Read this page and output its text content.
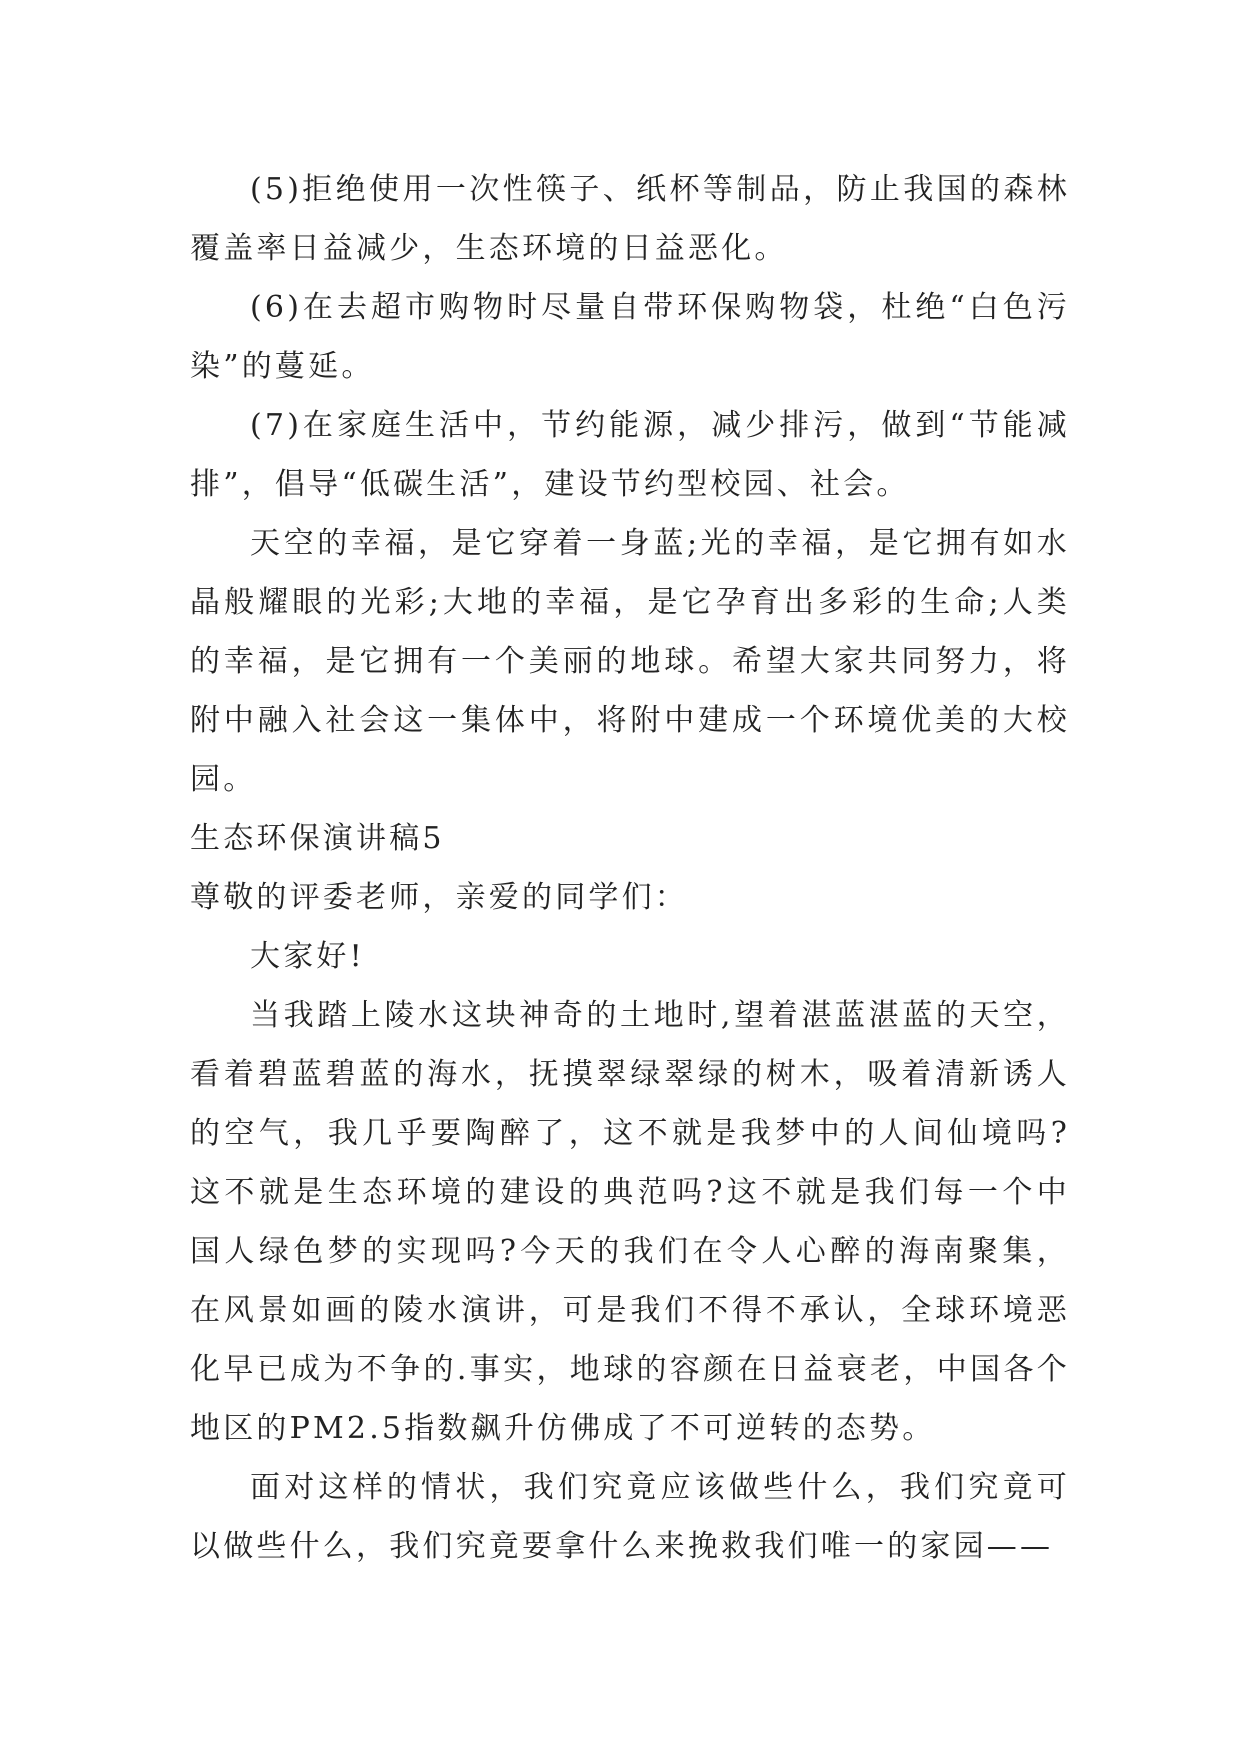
(5)拒绝使用一次性筷子、纸杯等制品，防止我国的森林覆盖率日益减少，生态环境的日益恶化。

(6)在去超市购物时尽量自带环保购物袋，杜绝“白色污染”的蔓延。

(7)在家庭生活中，节约能源，减少排污，做到“节能减排”，倡导“低碳生活”，建设节约型校园、社会。

天空的幸福，是它穿着一身蓝;光的幸福，是它拥有如水晶般耀眼的光彩;大地的幸福，是它孕育出多彩的生命;人类的幸福，是它拥有一个美丽的地球。希望大家共同努力，将附中融入社会这一集体中，将附中建成一个环境优美的大校园。

生态环保演讲稿5

尊敬的评委老师，亲爱的同学们：

大家好!

当我踏上陵水这块神奇的土地时,望着湛蓝湛蓝的天空，看着碧蓝碧蓝的海水，抚摸翠绿翠绿的树木，吸着清新诱人的空气，我几乎要陶醉了，这不就是我梦中的人间仙境吗?这不就是生态环境的建设的典范吗?这不就是我们每一个中国人绿色梦的实现吗?今天的我们在令人心醉的海南聚集，在风景如画的陵水演讲，可是我们不得不承认，全球环境恶化早已成为不争的.事实，地球的容颜在日益衰老，中国各个地区的PM2.5指数飙升仿佛成了不可逆转的态势。

面对这样的情状，我们究竟应该做些什么，我们究竟可以做些什么，我们究竟要拿什么来挽救我们唯一的家园——
